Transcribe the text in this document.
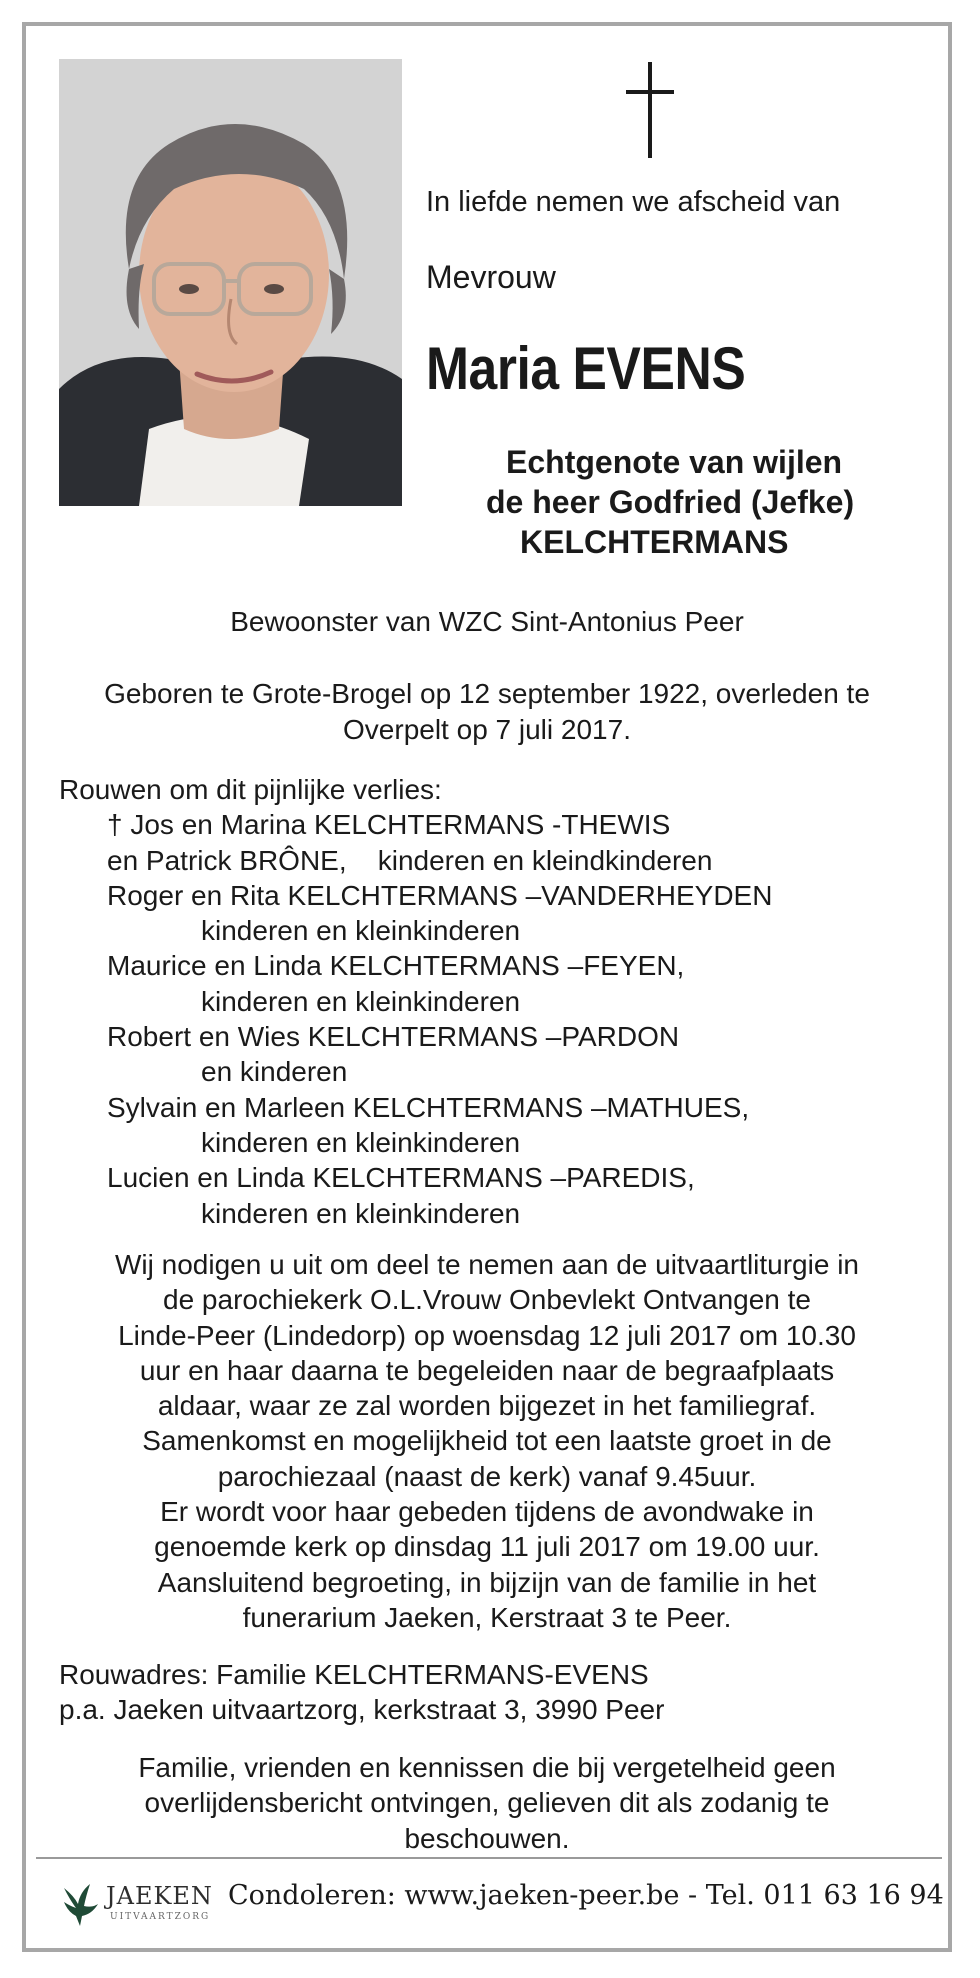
In liefde nemen we afscheid van
Mevrouw
Maria EVENS
Echtgenote van wijlen
de heer Godfried (Jefke)
KELCHTERMANS
Bewoonster van WZC Sint-Antonius Peer
Geboren te Grote-Brogel op 12 september 1922, overleden te
Overpelt op 7 juli 2017.
Rouwen om dit pijnlijke verlies:
† Jos en Marina KELCHTERMANS -THEWIS
en Patrick BRÔNE,    kinderen en kleindkinderen
Roger en Rita KELCHTERMANS –VANDERHEYDEN
kinderen en kleinkinderen
Maurice en Linda KELCHTERMANS –FEYEN,
kinderen en kleinkinderen
Robert en Wies KELCHTERMANS –PARDON
en kinderen
Sylvain en Marleen KELCHTERMANS –MATHUES,
kinderen en kleinkinderen
Lucien en Linda KELCHTERMANS –PAREDIS,
kinderen en kleinkinderen
Wij nodigen u uit om deel te nemen aan de uitvaartliturgie in
de parochiekerk O.L.Vrouw Onbevlekt Ontvangen te
Linde-Peer (Lindedorp) op woensdag 12 juli 2017 om 10.30
uur en haar daarna te begeleiden naar de begraafplaats
aldaar, waar ze zal worden bijgezet in het familiegraf.
Samenkomst en mogelijkheid tot een laatste groet in de
parochiezaal (naast de kerk) vanaf 9.45uur.
Er wordt voor haar gebeden tijdens de avondwake in
genoemde kerk op dinsdag 11 juli 2017 om 19.00 uur.
Aansluitend begroeting, in bijzijn van de familie in het
funerarium Jaeken, Kerstraat 3 te Peer.
Rouwadres: Familie KELCHTERMANS-EVENS
p.a. Jaeken uitvaartzorg, kerkstraat 3, 3990 Peer
Familie, vrienden en kennissen die bij vergetelheid geen
overlijdensbericht ontvingen, gelieven dit als zodanig te
beschouwen.
JAEKEN
UITVAARTZORG
Condoleren: www.jaeken-peer.be - Tel. 011 63 16 94
